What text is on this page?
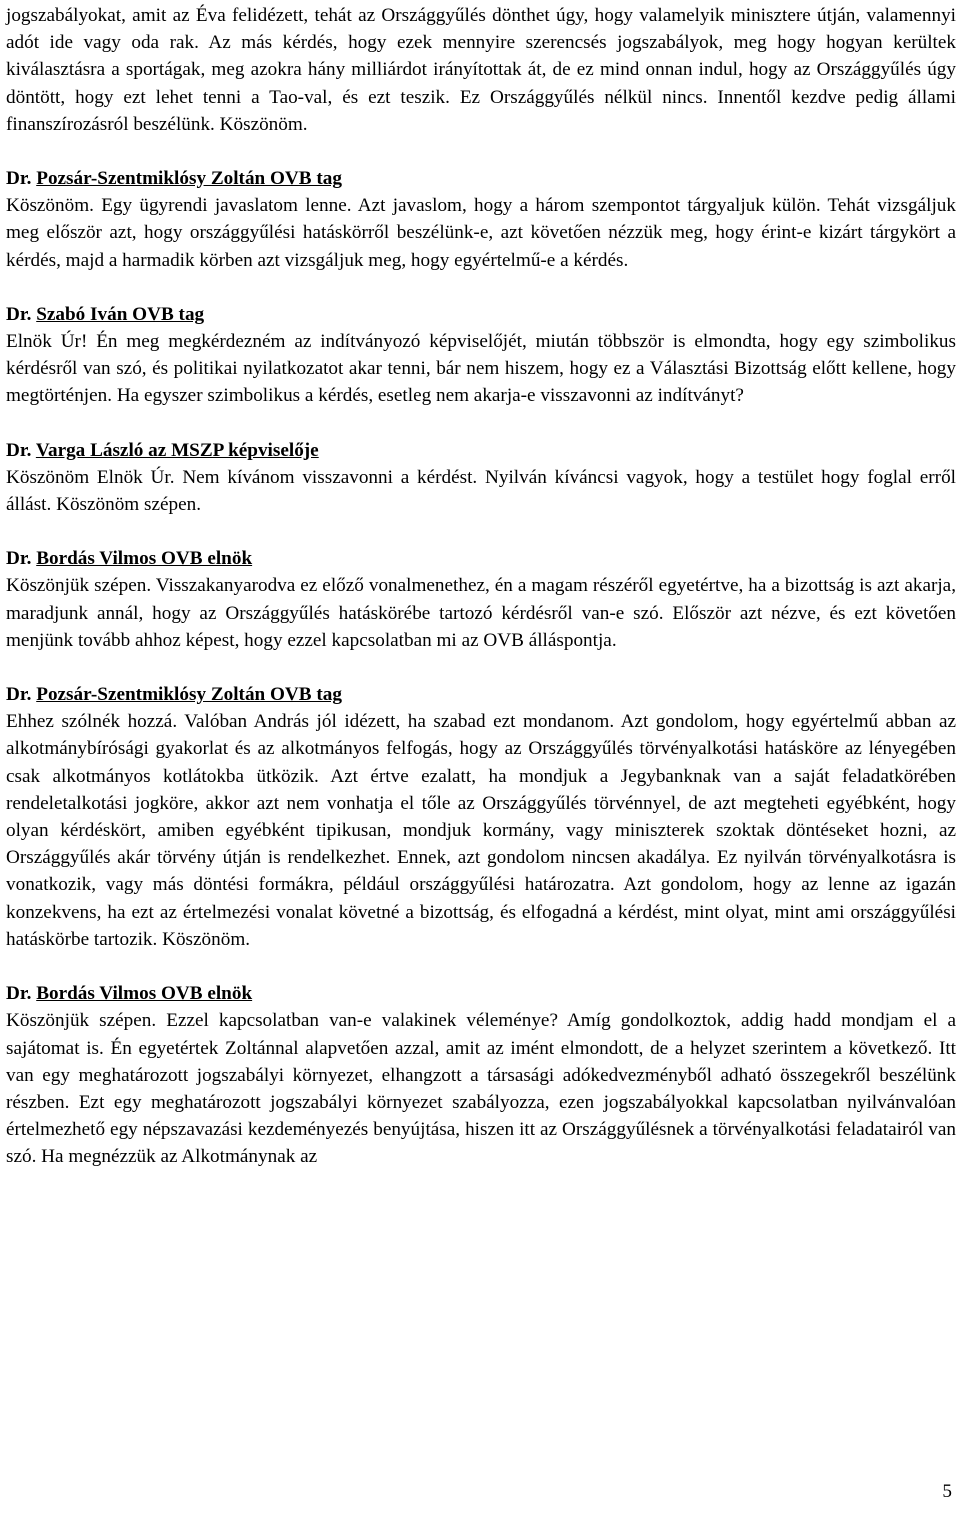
jogszabályokat, amit az Éva felidézett, tehát az Országgyűlés dönthet úgy, hogy valamelyik minisztere útján, valamennyi adót ide vagy oda rak. Az más kérdés, hogy ezek mennyire szerencsés jogszabályok, meg hogy hogyan kerültek kiválasztásra a sportágak, meg azokra hány milliárdot irányítottak át, de ez mind onnan indul, hogy az Országgyűlés úgy döntött, hogy ezt lehet tenni a Tao-val, és ezt teszik. Ez Országgyűlés nélkül nincs. Innentől kezdve pedig állami finanszírozásról beszélünk. Köszönöm.

Dr. Pozsár-Szentmiklósy Zoltán OVB tag

Köszönöm. Egy ügyrendi javaslatom lenne. Azt javaslom, hogy a három szempontot tárgyaljuk külön. Tehát vizsgáljuk meg először azt, hogy országgyűlési hatáskörről beszélünk-e, azt követően nézzük meg, hogy érint-e kizárt tárgykört a kérdés, majd a harmadik körben azt vizsgáljuk meg, hogy egyértelmű-e a kérdés.

Dr. Szabó Iván OVB tag

Elnök Úr! Én meg megkérdezném az indítványozó képviselőjét, miután többször is elmondta, hogy egy szimbolikus kérdésről van szó, és politikai nyilatkozatot akar tenni, bár nem hiszem, hogy ez a Választási Bizottság előtt kellene, hogy megtörténjen. Ha egyszer szimbolikus a kérdés, esetleg nem akarja-e visszavonni az indítványt?

Dr. Varga László az MSZP képviselője

Köszönöm Elnök Úr. Nem kívánom visszavonni a kérdést. Nyilván kíváncsi vagyok, hogy a testület hogy foglal erről állást. Köszönöm szépen.

Dr. Bordás Vilmos OVB elnök

Köszönjük szépen. Visszakanyarodva ez előző vonalmenethez, én a magam részéről egyetértve, ha a bizottság is azt akarja, maradjunk annál, hogy az Országgyűlés hatáskörébe tartozó kérdésről van-e szó. Először azt nézve, és ezt követően menjünk tovább ahhoz képest, hogy ezzel kapcsolatban mi az OVB álláspontja.

Dr. Pozsár-Szentmiklósy Zoltán OVB tag

Ehhez szólnék hozzá. Valóban András jól idézett, ha szabad ezt mondanom. Azt gondolom, hogy egyértelmű abban az alkotmánybírósági gyakorlat és az alkotmányos felfogás, hogy az Országgyűlés törvényalkotási hatásköre az lényegében csak alkotmányos kotlátokba ütközik. Azt értve ezalatt, ha mondjuk a Jegybanknak van a saját feladatkörében rendeletalkotási jogköre, akkor azt nem vonhatja el tőle az Országgyűlés törvénnyel, de azt megteheti egyébként, hogy olyan kérdéskört, amiben egyébként tipikusan, mondjuk kormány, vagy miniszterek szoktak döntéseket hozni, az Országgyűlés akár törvény útján is rendelkezhet. Ennek, azt gondolom nincsen akadálya. Ez nyilván törvényalkotásra is vonatkozik, vagy más döntési formákra, például országgyűlési határozatra. Azt gondolom, hogy az lenne az igazán konzekvens, ha ezt az értelmezési vonalat követné a bizottság, és elfogadná a kérdést, mint olyat, mint ami országgyűlési hatáskörbe tartozik. Köszönöm.

Dr. Bordás Vilmos OVB elnök

Köszönjük szépen. Ezzel kapcsolatban van-e valakinek véleménye? Amíg gondolkoztok, addig hadd mondjam el a sajátomat is. Én egyetértek Zoltánnal alapvetően azzal, amit az imént elmondott, de a helyzet szerintem a következő. Itt van egy meghatározott jogszabályi környezet, elhangzott a társasági adókedvezményből adható összegekről beszélünk részben. Ezt egy meghatározott jogszabályi környezet szabályozza, ezen jogszabályokkal kapcsolatban nyilvánvalóan értelmezhető egy népszavazási kezdeményezés benyújtása, hiszen itt az Országgyűlésnek a törvényalkotási feladatairól van szó. Ha megnézzük az Alkotmánynak az

5
